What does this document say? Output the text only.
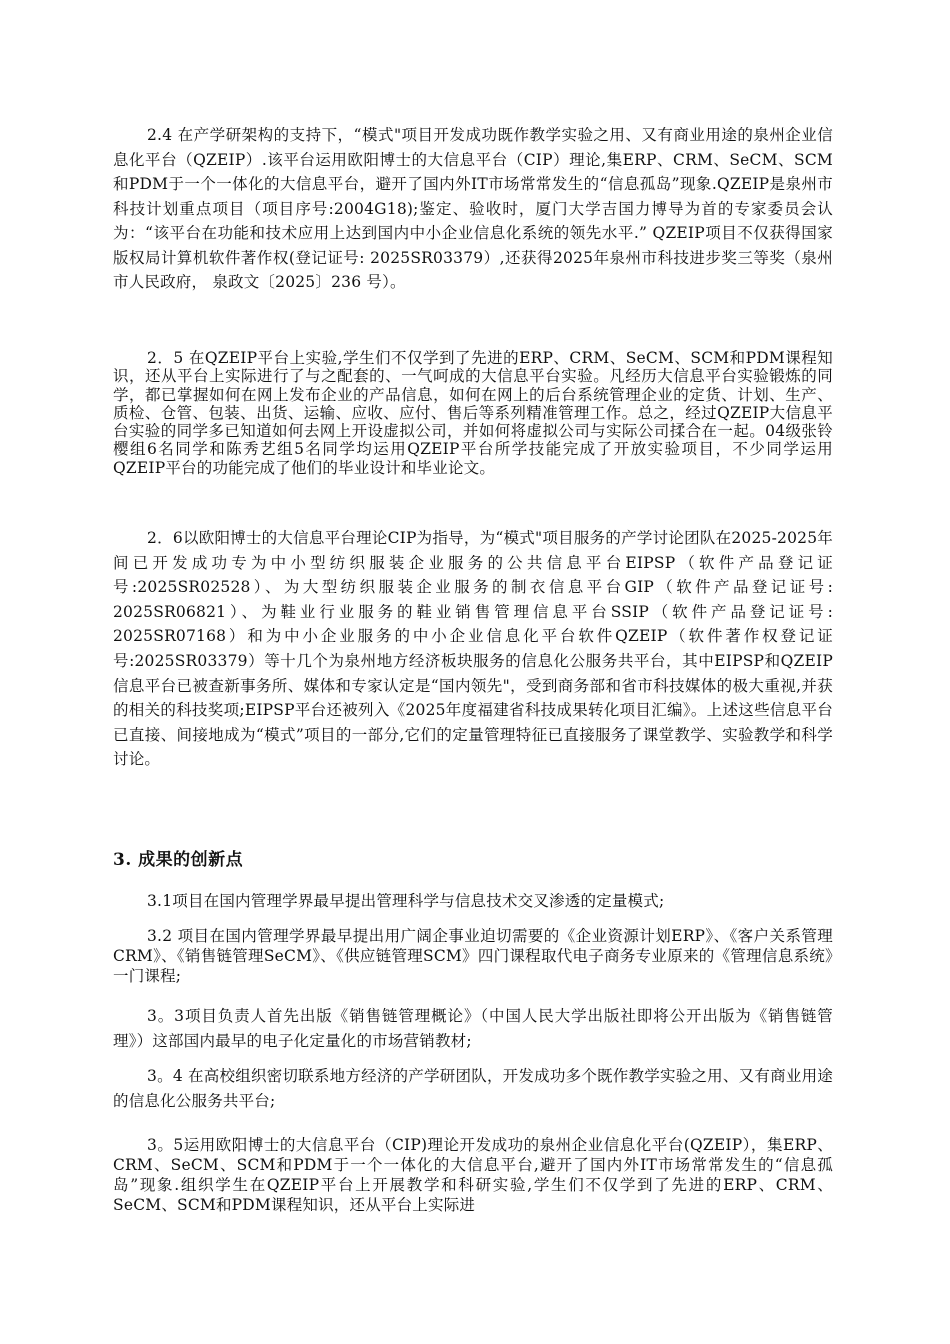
2.4 在产学研架构的支持下，“模式"项目开发成功既作教学实验之用、又有商业用途的泉州企业信息化平台（QZEIP）.该平台运用欧阳博士的大信息平台（CIP）理论,集ERP、CRM、SeCM、SCM和PDM于一个一体化的大信息平台，避开了国内外IT市场常常发生的“信息孤岛”现象.QZEIP是泉州市科技计划重点项目（项目序号:2004G18);鉴定、验收时，厦门大学吉国力博导为首的专家委员会认为：“该平台在功能和技术应用上达到国内中小企业信息化系统的领先水平.” QZEIP项目不仅获得国家版权局计算机软件著作权(登记证号: 2025SR03379）,还获得2025年泉州市科技进步奖三等奖（泉州市人民政府， 泉政文〔2025〕236 号）。

2．5 在QZEIP平台上实验,学生们不仅学到了先进的ERP、CRM、SeCM、SCM和PDM课程知识，还从平台上实际进行了与之配套的、一气呵成的大信息平台实验。凡经历大信息平台实验锻炼的同学，都已掌握如何在网上发布企业的产品信息，如何在网上的后台系统管理企业的定货、计划、生产、质检、仓管、包装、出货、运输、应收、应付、售后等系列精准管理工作。总之，经过QZEIP大信息平台实验的同学多已知道如何去网上开设虚拟公司，并如何将虚拟公司与实际公司揉合在一起。04级张铃樱组6名同学和陈秀艺组5名同学均运用QZEIP平台所学技能完成了开放实验项目，不少同学运用QZEIP平台的功能完成了他们的毕业设计和毕业论文。

2．6以欧阳博士的大信息平台理论CIP为指导，为“模式"项目服务的产学讨论团队在2025-2025年间已开发成功专为中小型纺织服装企业服务的公共信息平台EIPSP（软件产品登记证号:2025SR02528）、为大型纺织服装企业服务的制衣信息平台GIP（软件产品登记证号: 2025SR06821）、为鞋业行业服务的鞋业销售管理信息平台SSIP（软件产品登记证号: 2025SR07168）和为中小企业服务的中小企业信息化平台软件QZEIP（软件著作权登记证号:2025SR03379）等十几个为泉州地方经济板块服务的信息化公服务共平台，其中EIPSP和QZEIP信息平台已被查新事务所、媒体和专家认定是“国内领先"，受到商务部和省市科技媒体的极大重视,并获的相关的科技奖项;EIPSP平台还被列入《2025年度福建省科技成果转化项目汇编》。上述这些信息平台已直接、间接地成为“模式”项目的一部分,它们的定量管理特征已直接服务了课堂教学、实验教学和科学讨论。

3. 成果的创新点

3.1项目在国内管理学界最早提出管理科学与信息技术交叉渗透的定量模式;

3.2 项目在国内管理学界最早提出用广阔企事业迫切需要的《企业资源计划ERP》、《客户关系管理CRM》、《销售链管理SeCM》、《供应链管理SCM》四门课程取代电子商务专业原来的《管理信息系统》一门课程;

3。3项目负责人首先出版《销售链管理概论》（中国人民大学出版社即将公开出版为《销售链管理》）这部国内最早的电子化定量化的市场营销教材;

3。4 在高校组织密切联系地方经济的产学研团队，开发成功多个既作教学实验之用、又有商业用途的信息化公服务共平台;

3。5运用欧阳博士的大信息平台（CIP)理论开发成功的泉州企业信息化平台(QZEIP），集ERP、CRM、SeCM、SCM和PDM于一个一体化的大信息平台,避开了国内外IT市场常常发生的“信息孤岛”现象.组织学生在QZEIP平台上开展教学和科研实验,学生们不仅学到了先进的ERP、CRM、SeCM、SCM和PDM课程知识，还从平台上实际进
